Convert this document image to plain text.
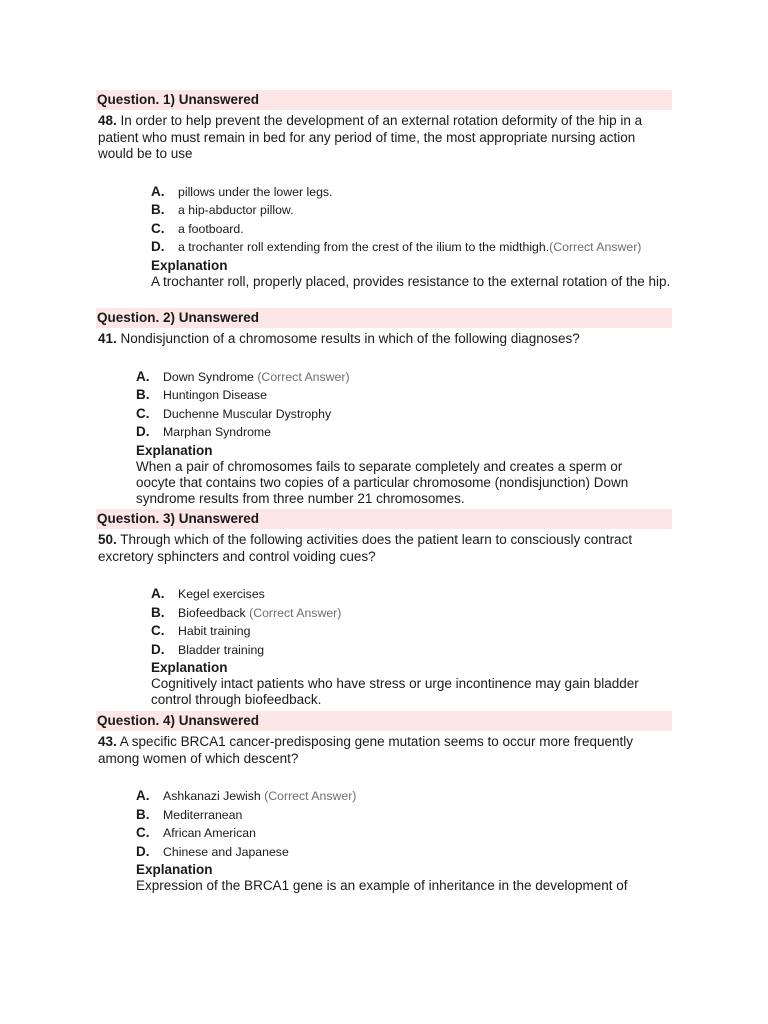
Question. 1) Unanswered
48. In order to help prevent the development of an external rotation deformity of the hip in a patient who must remain in bed for any period of time, the most appropriate nursing action would be to use
A. pillows under the lower legs.
B. a hip-abductor pillow.
C. a footboard.
D. a trochanter roll extending from the crest of the ilium to the midthigh.(Correct Answer)
Explanation
A trochanter roll, properly placed, provides resistance to the external rotation of the hip.
Question. 2) Unanswered
41. Nondisjunction of a chromosome results in which of the following diagnoses?
A. Down Syndrome (Correct Answer)
B. Huntingon Disease
C. Duchenne Muscular Dystrophy
D. Marphan Syndrome
Explanation
When a pair of chromosomes fails to separate completely and creates a sperm or oocyte that contains two copies of a particular chromosome (nondisjunction) Down syndrome results from three number 21 chromosomes.
Question. 3) Unanswered
50. Through which of the following activities does the patient learn to consciously contract excretory sphincters and control voiding cues?
A. Kegel exercises
B. Biofeedback (Correct Answer)
C. Habit training
D. Bladder training
Explanation
Cognitively intact patients who have stress or urge incontinence may gain bladder control through biofeedback.
Question. 4) Unanswered
43. A specific BRCA1 cancer-predisposing gene mutation seems to occur more frequently among women of which descent?
A. Ashkanazi Jewish (Correct Answer)
B. Mediterranean
C. African American
D. Chinese and Japanese
Explanation
Expression of the BRCA1 gene is an example of inheritance in the development of
